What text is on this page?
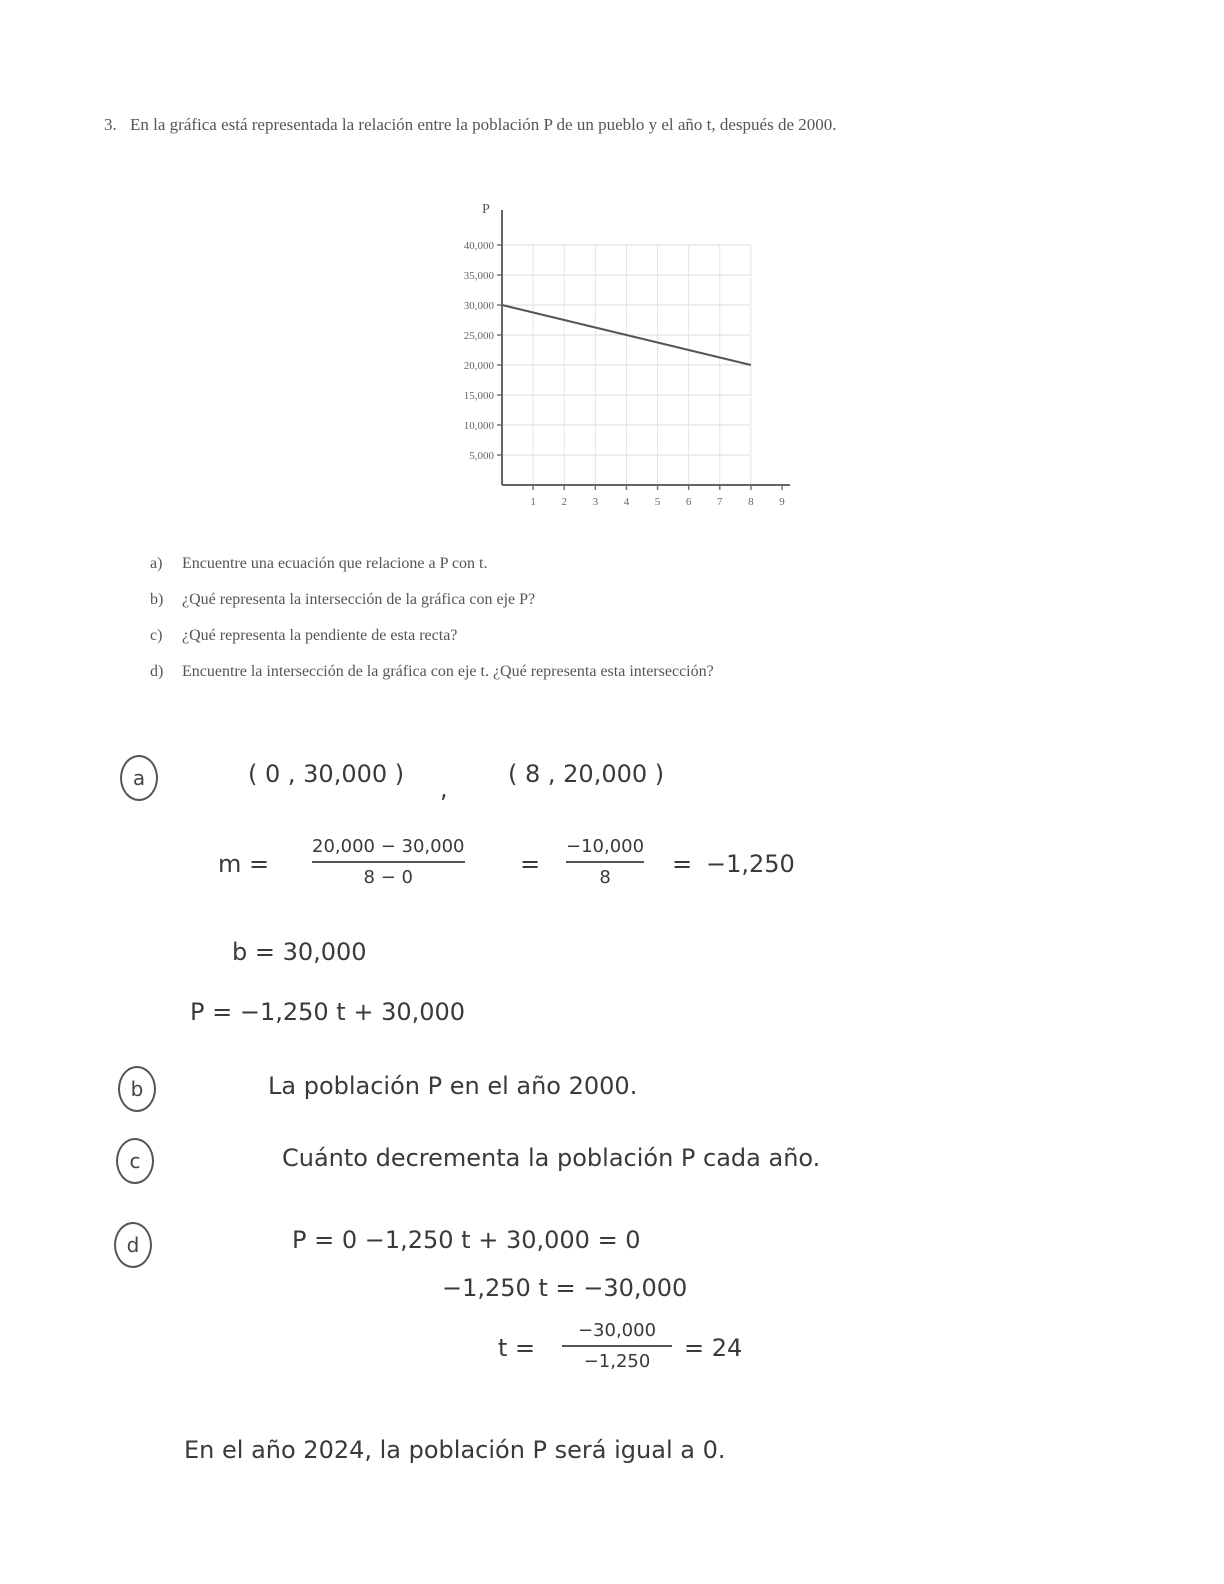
3. En la gráfica está representada la relación entre la población P de un pueblo y el año t, después de 2000.
5,000
10,000
15,000
20,000
25,000
30,000
35,000
40,000
1 2 3 4 5 6 7 8 9
P
a)	Encuentre una ecuación que relacione a P con t.
b)	¿Qué representa la intersección de la gráfica con eje P?
c)	¿Qué representa la pendiente de esta recta?
d)	Encuentre la intersección de la gráfica con eje t. ¿Qué representa esta intersección?
a	( 0 , 30,000 )
,
( 8 , 20,000 )
m =
20,000 − 30,000
8 − 0	=
−10,000
8	= −1,250
b = 30,000
P = −1,250 t + 30,000
b	La población P en el año 2000.
c	Cuánto decrementa la población P cada año.
d	P = 0 −1,250 t + 30,000 = 0
−1,250 t = −30,000
t =
−30,000
−1,250 = 24
En el año 2024, la población P será igual a 0.
